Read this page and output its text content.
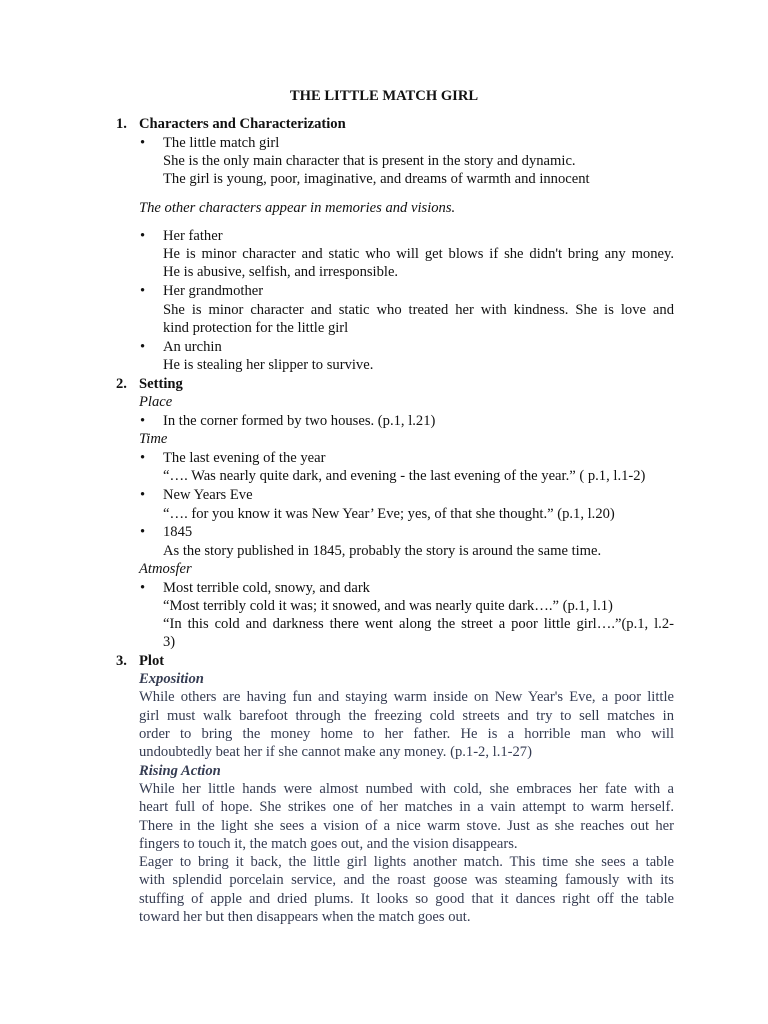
THE LITTLE MATCH GIRL
1. Characters and Characterization
• The little match girl
She is the only main character that is present in the story and dynamic.
The girl is young, poor, imaginative, and dreams of warmth and innocent
The other characters appear in memories and visions.
• Her father
He is minor character and static who will get blows if she didn't bring any money.
He is abusive, selfish, and irresponsible.
• Her grandmother
She is minor character and static who treated her with kindness. She is love and
kind protection for the little girl
• An urchin
He is stealing her slipper to survive.
2. Setting
Place
• In the corner formed by two houses. (p.1, l.21)
Time
• The last evening of the year
“…. Was nearly quite dark, and evening - the last evening of the year.” ( p.1, l.1-2)
• New Years Eve
“…. for you know it was New Year’ Eve; yes, of that she thought.” (p.1, l.20)
• 1845
As the story published in 1845, probably the story is around the same time.
Atmosfer
• Most terrible cold, snowy, and dark
“Most terribly cold it was; it snowed, and was nearly quite dark….” (p.1, l.1)
“In this cold and darkness there went along the street a poor little girl….”(p.1, l.2-
3)
3. Plot
Exposition
While others are having fun and staying warm inside on New Year's Eve, a poor little
girl must walk barefoot through the freezing cold streets and try to sell matches in
order to bring the money home to her father. He is a horrible man who will
undoubtedly beat her if she cannot make any money. (p.1-2, l.1-27)
Rising Action
While her little hands were almost numbed with cold, she embraces her fate with a
heart full of hope. She strikes one of her matches in a vain attempt to warm herself.
There in the light she sees a vision of a nice warm stove. Just as she reaches out her
fingers to touch it, the match goes out, and the vision disappears.
Eager to bring it back, the little girl lights another match. This time she sees a table
with splendid porcelain service, and the roast goose was steaming famously with its
stuffing of apple and dried plums. It looks so good that it dances right off the table
toward her but then disappears when the match goes out.
